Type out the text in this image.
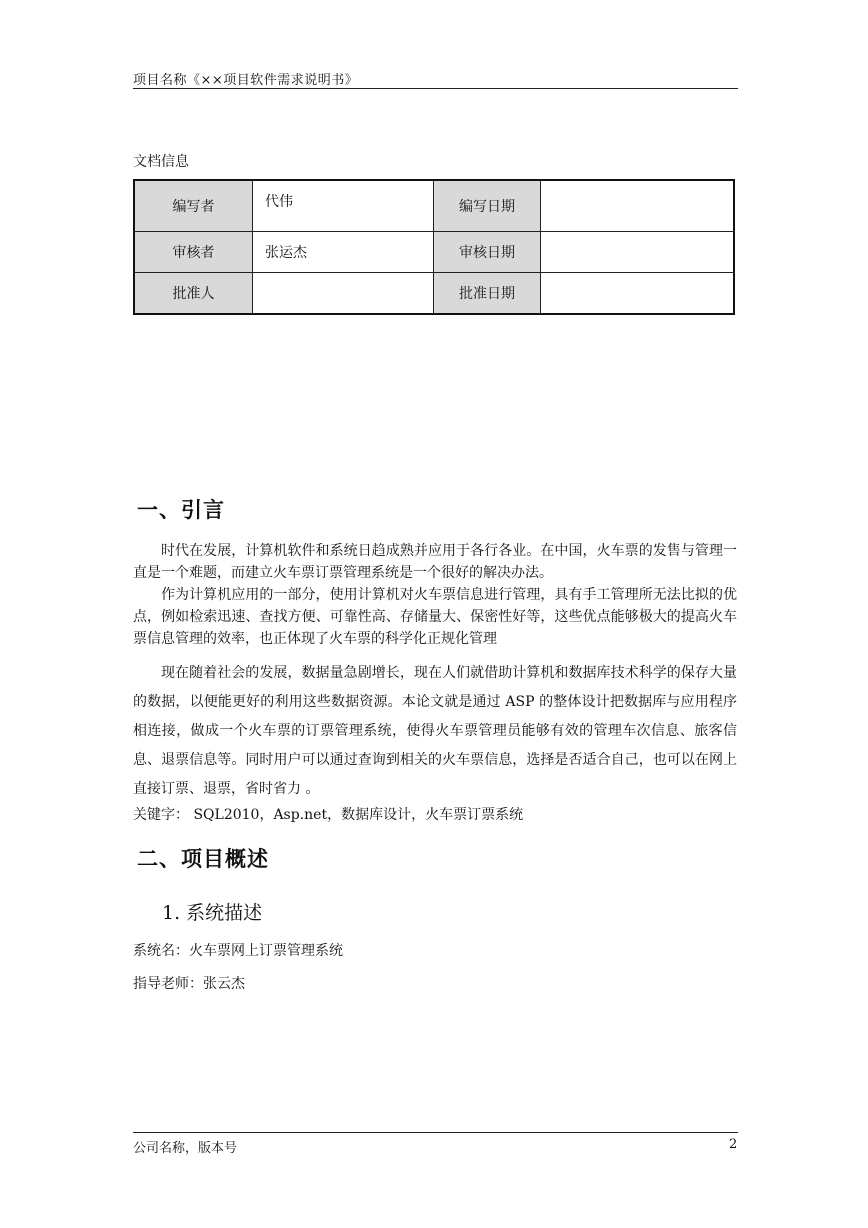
项目名称《××项目软件需求说明书》
文档信息
编写者	代伟	编写日期	
审核者	张运杰	审核日期	
批准人		批准日期	
一、引言

时代在发展，计算机软件和系统日趋成熟并应用于各行各业。在中国，火车票的发售与管理一直是一个难题，而建立火车票订票管理系统是一个很好的解决办法。

作为计算机应用的一部分，使用计算机对火车票信息进行管理，具有手工管理所无法比拟的优点，例如检索迅速、查找方便、可靠性高、存储量大、保密性好等，这些优点能够极大的提高火车票信息管理的效率，也正体现了火车票的科学化正规化管理

现在随着社会的发展，数据量急剧增长，现在人们就借助计算机和数据库技术科学的保存大量的数据，以便能更好的利用这些数据资源。本论文就是通过 ASP 的整体设计把数据库与应用程序相连接，做成一个火车票的订票管理系统，使得火车票管理员能够有效的管理车次信息、旅客信息、退票信息等。同时用户可以通过查询到相关的火车票信息，选择是否适合自己，也可以在网上直接订票、退票，省时省力 。

关键字： SQL2010，Asp.net，数据库设计，火车票订票系统
二、项目概述
1. 系统描述
系统名：火车票网上订票管理系统
指导老师：张云杰
公司名称，版本号	2
